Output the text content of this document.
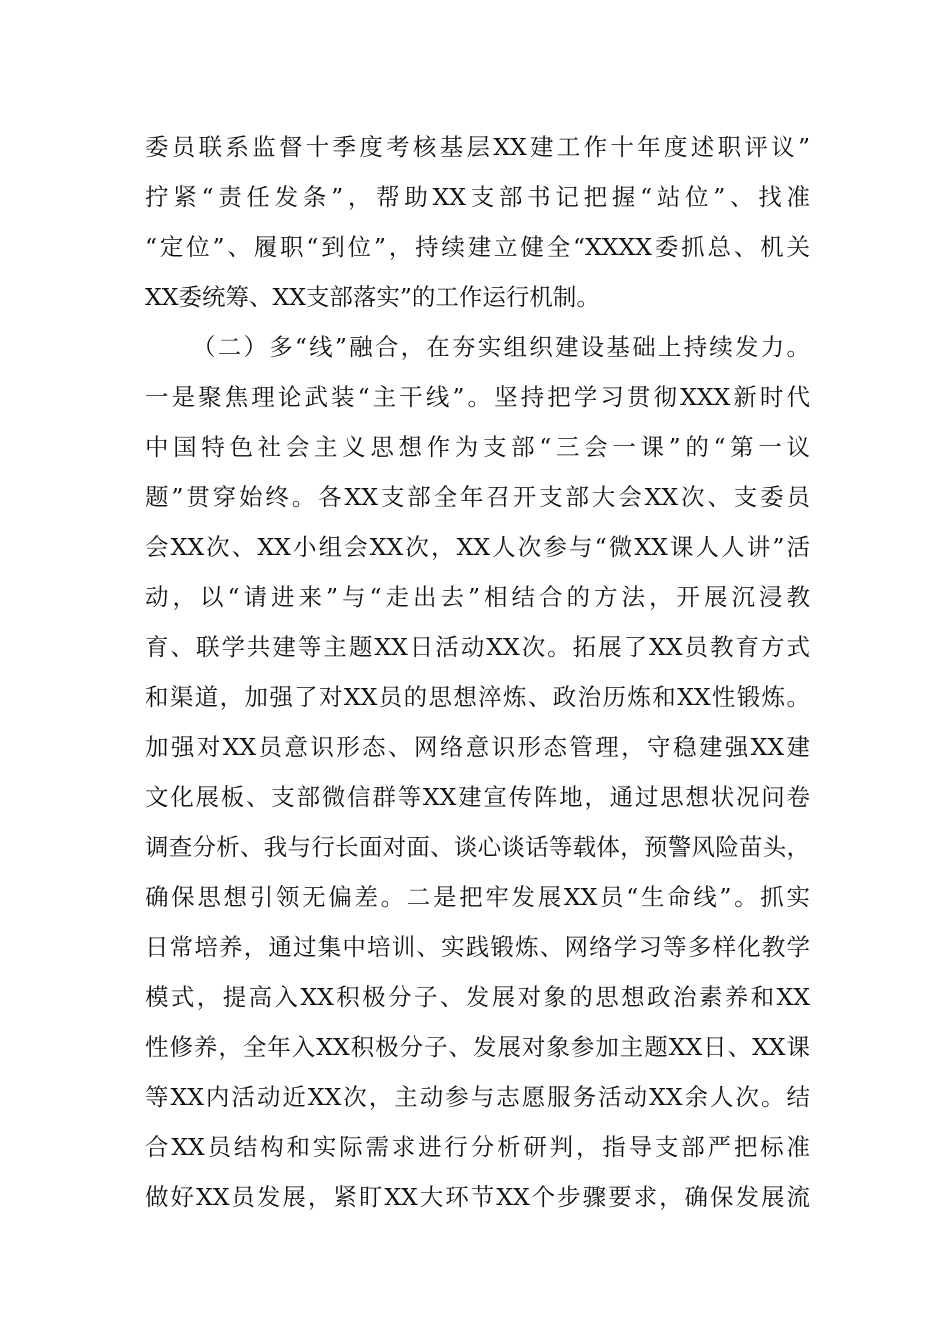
委员联系监督十季度考核基层XX建工作十年度述职评议”
拧紧“责任发条”，帮助XX支部书记把握“站位”、找准
“定位”、履职“到位”，持续建立健全“XXXX委抓总、机关
XX委统筹、XX支部落实”的工作运行机制。
（二）多“线”融合，在夯实组织建设基础上持续发力。
一是聚焦理论武装“主干线”。坚持把学习贯彻XXX新时代
中国特色社会主义思想作为支部“三会一课”的“第一议
题”贯穿始终。各XX支部全年召开支部大会XX次、支委员
会XX次、XX小组会XX次，XX人次参与“微XX课人人讲”活
动，以“请进来”与“走出去”相结合的方法，开展沉浸教
育、联学共建等主题XX日活动XX次。拓展了XX员教育方式
和渠道，加强了对XX员的思想淬炼、政治历炼和XX性锻炼。
加强对XX员意识形态、网络意识形态管理，守稳建强XX建
文化展板、支部微信群等XX建宣传阵地，通过思想状况问卷
调查分析、我与行长面对面、谈心谈话等载体，预警风险苗头，
确保思想引领无偏差。二是把牢发展XX员“生命线”。抓实
日常培养，通过集中培训、实践锻炼、网络学习等多样化教学
模式，提高入XX积极分子、发展对象的思想政治素养和XX
性修养，全年入XX积极分子、发展对象参加主题XX日、XX课
等XX内活动近XX次，主动参与志愿服务活动XX余人次。结
合XX员结构和实际需求进行分析研判，指导支部严把标准
做好XX员发展，紧盯XX大环节XX个步骤要求，确保发展流
